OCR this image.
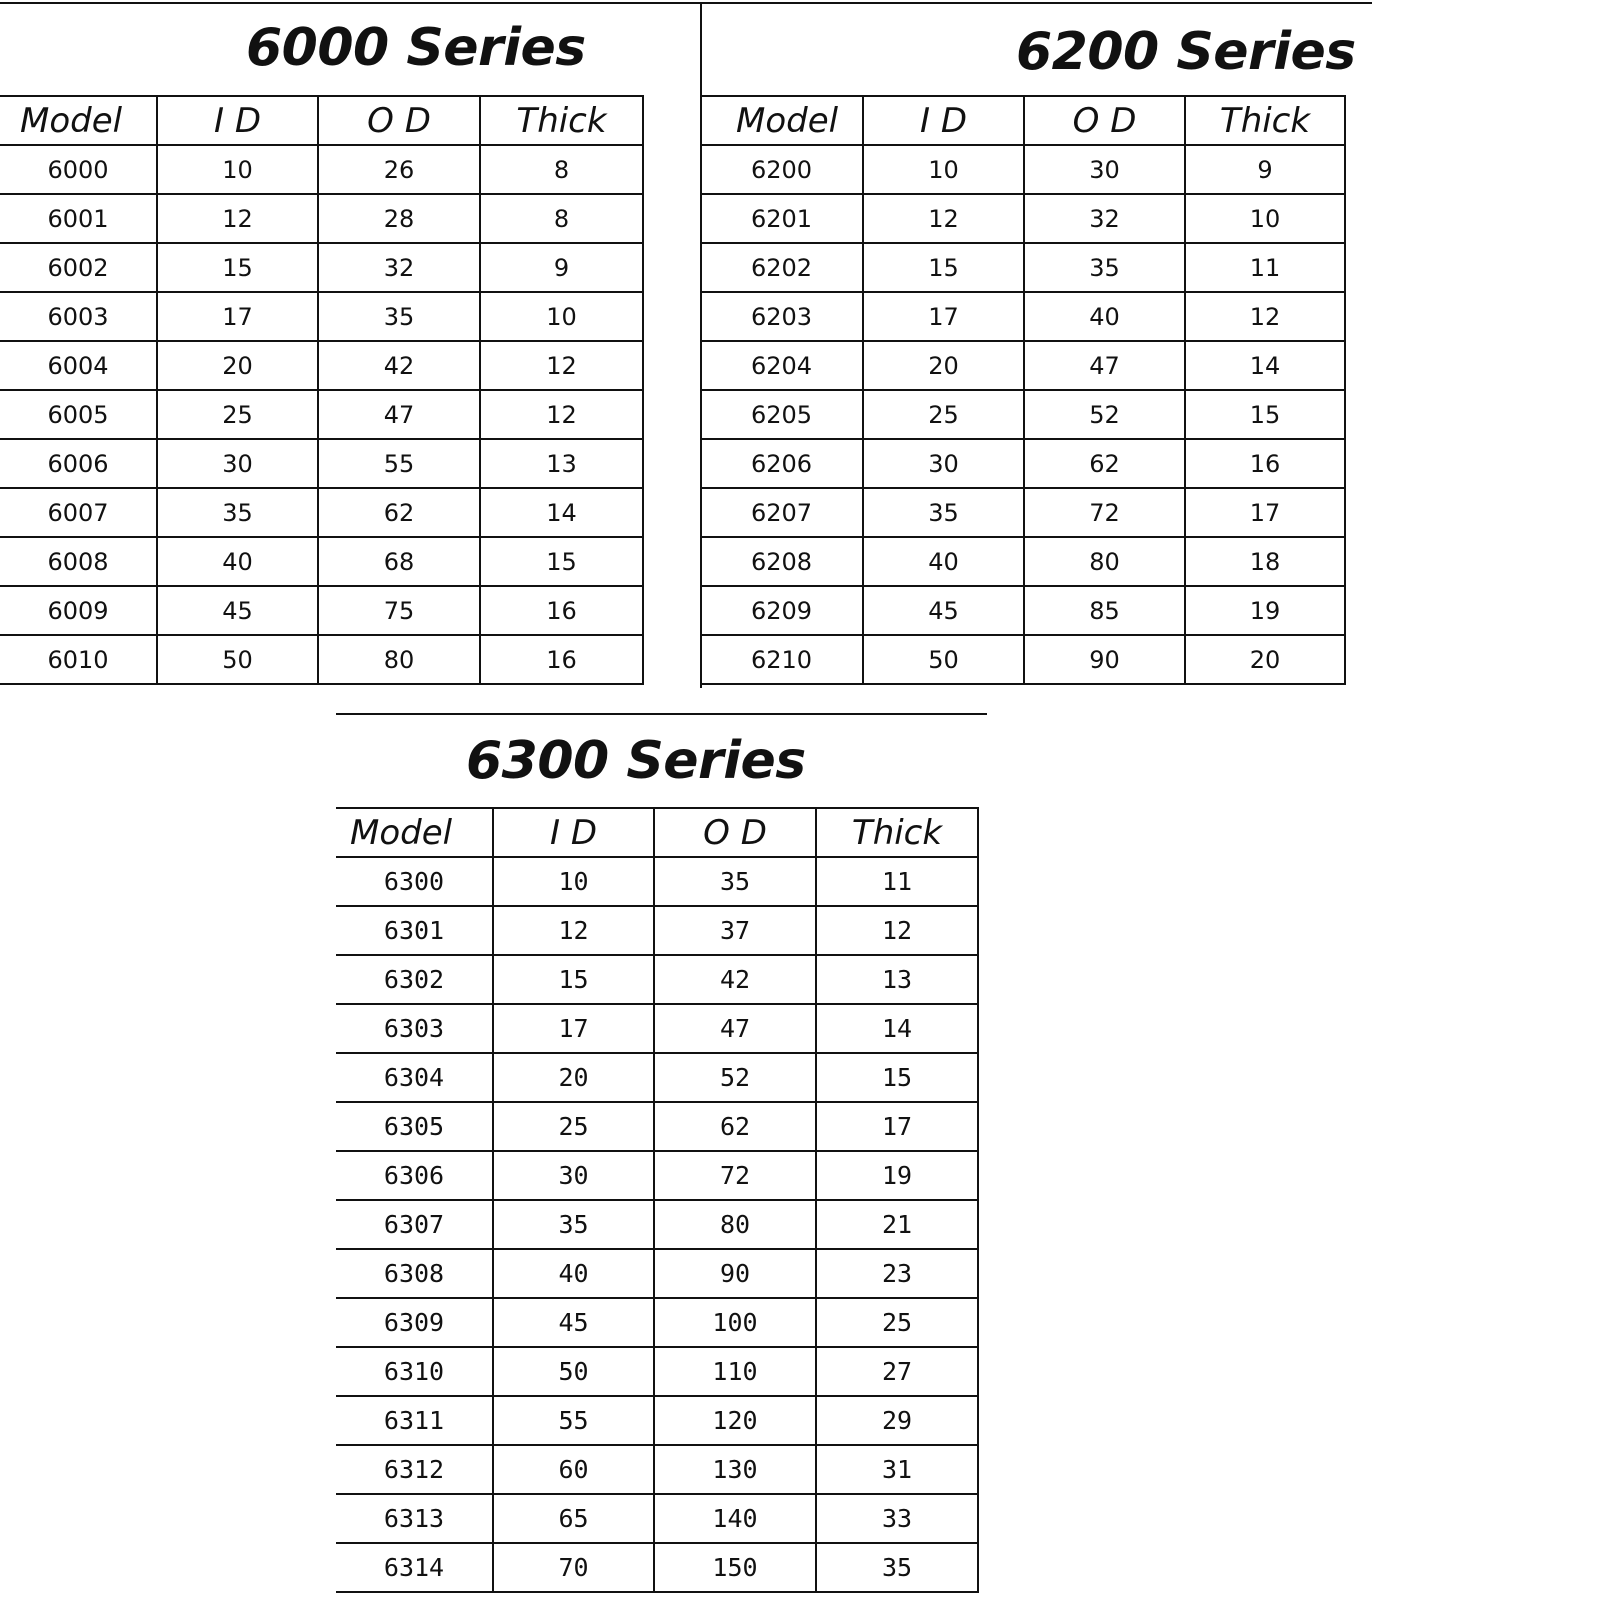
6000 Series
Model	I D	O D	Thick
6000	10	26	8
6001	12	28	8
6002	15	32	9
6003	17	35	10
6004	20	42	12
6005	25	47	12
6006	30	55	13
6007	35	62	14
6008	40	68	15
6009	45	75	16
6010	50	80	16
6200 Series
Model	I D	O D	Thick
6200	10	30	9
6201	12	32	10
6202	15	35	11
6203	17	40	12
6204	20	47	14
6205	25	52	15
6206	30	62	16
6207	35	72	17
6208	40	80	18
6209	45	85	19
6210	50	90	20
6300 Series
Model	I D	O D	Thick
6300	10	35	11
6301	12	37	12
6302	15	42	13
6303	17	47	14
6304	20	52	15
6305	25	62	17
6306	30	72	19
6307	35	80	21
6308	40	90	23
6309	45	100	25
6310	50	110	27
6311	55	120	29
6312	60	130	31
6313	65	140	33
6314	70	150	35
